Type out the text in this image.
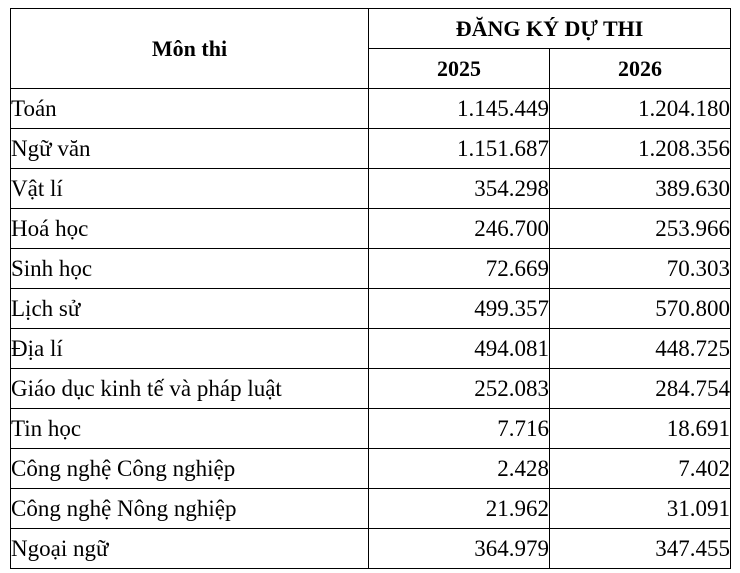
Môn thi	ĐĂNG KÝ DỰ THI	
	2025	2026
Toán	1.145.449	1.204.180
Ngữ văn	1.151.687	1.208.356
Vật lí	354.298	389.630
Hoá học	246.700	253.966
Sinh học	72.669	70.303
Lịch sử	499.357	570.800
Địa lí	494.081	448.725
Giáo dục kinh tế và pháp luật	252.083	284.754
Tin học	7.716	18.691
Công nghệ Công nghiệp	2.428	7.402
Công nghệ Nông nghiệp	21.962	31.091
Ngoại ngữ	364.979	347.455
